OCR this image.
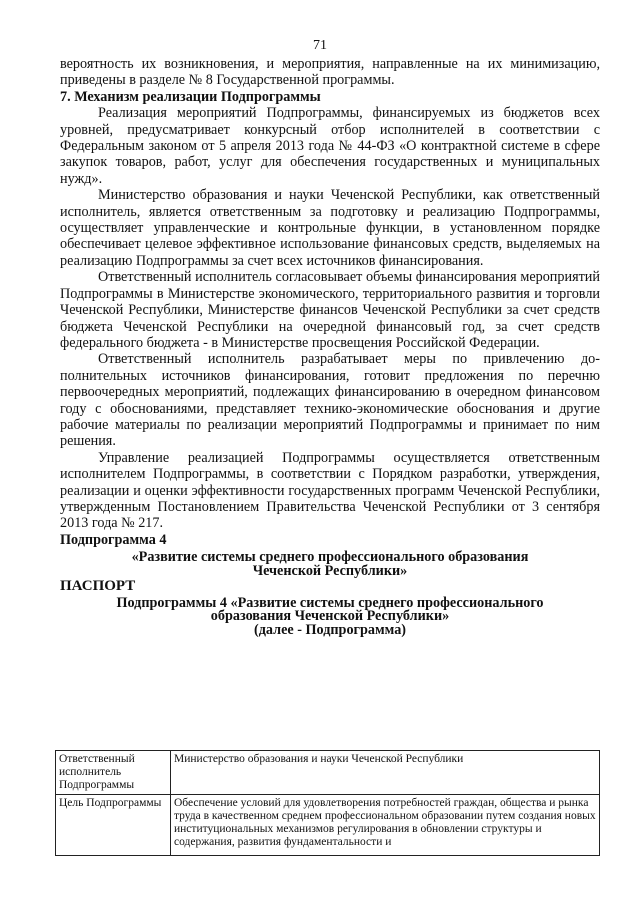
71

вероятность их возникновения, и мероприятия, направленные на их минимизацию, приведены в разделе № 8 Государственной программы.

7. Механизм реализации Подпрограммы

Реализация мероприятий Подпрограммы, финансируемых из бюджетов всех уровней, предусматривает конкурсный отбор исполнителей в соответствии с Федеральным законом от 5 апреля 2013 года № 44-ФЗ «О контрактной системе в сфере закупок товаров, работ, услуг для обеспечения государственных и муниципальных нужд».

Министерство образования и науки Чеченской Республики, как ответственный исполнитель, является ответственным за подготовку и реализацию Подпрограммы, осуществляет управленческие и контрольные функции, в установленном порядке обеспечивает целевое эффективное использование финансовых средств, выделяемых на реализацию Подпрограммы за счет всех источников финансирования.

Ответственный исполнитель согласовывает объемы финансирования мероприятий Подпрограммы в Министерстве экономического, территориального развития и торговли Чеченской Республики, Министерстве финансов Чеченской Республики за счет средств бюджета Чеченской Республики на очередной финансовый год, за счет средств федерального бюджета - в Министерстве просвещения Российской Федерации.

Ответственный исполнитель разрабатывает меры по привлечению до-полнительных источников финансирования, готовит предложения по перечню первоочередных мероприятий, подлежащих финансированию в очередном финансовом году с обоснованиями, представляет технико-экономические обоснования и другие рабочие материалы по реализации мероприятий Подпрограммы и принимает по ним решения.

Управление реализацией Подпрограммы осуществляется ответственным исполнителем Подпрограммы, в соответствии с Порядком разработки, утверждения, реализации и оценки эффективности государственных программ Чеченской Республики, утвержденным Постановлением Правительства Чеченской Республики от 3 сентября 2013 года № 217.

Подпрограмма 4

«Развитие системы среднего профессионального образования
Чеченской Республики»

ПАСПОРТ

Подпрограммы 4 «Развитие системы среднего профессионального
образования Чеченской Республики»
(далее - Подпрограмма)
Ответственный исполнитель Подпрограммы	Министерство образования и науки Чеченской Республики
Цель Подпрограммы	Обеспечение условий для удовлетворения потребностей граждан, общества и рынка труда в качественном среднем профессиональном образовании путем создания новых институциональных механизмов регулирования в обновлении структуры и содержания, развития фундаментальности и
